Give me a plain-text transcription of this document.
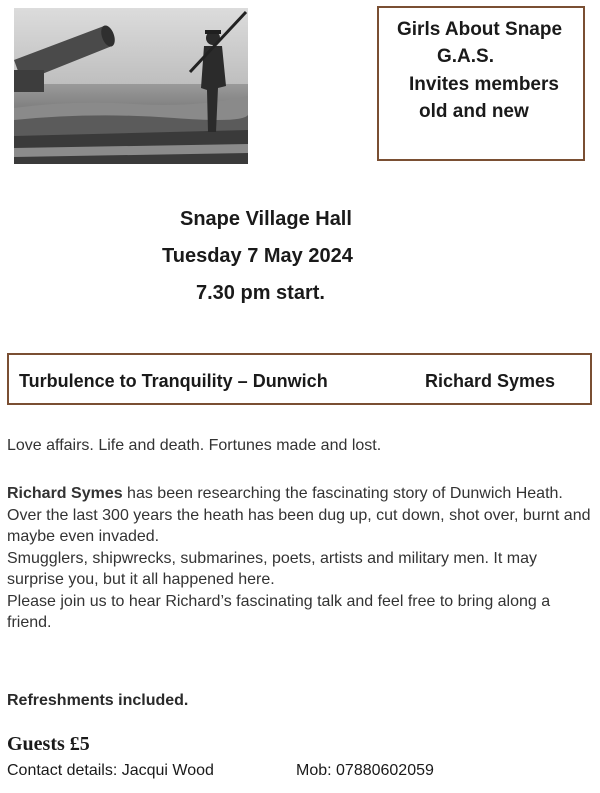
Girls About Snape
G.A.S.
Invites members
old and new
Snape Village Hall
Tuesday 7 May 2024
7.30 pm start.
Turbulence to Tranquility – Dunwich	Richard Symes
Love affairs. Life and death. Fortunes made and lost.
Richard Symes has been researching the fascinating story of Dunwich Heath.
Over the last 300 years the heath has been dug up, cut down, shot over, burnt and maybe even invaded.
Smugglers, shipwrecks, submarines, poets, artists and military men. It may surprise you, but it all happened here.
Please join us to hear Richard’s fascinating talk and feel free to bring along a friend.
Refreshments included.
Guests £5
Contact details: Jacqui Wood	Mob: 07880602059
